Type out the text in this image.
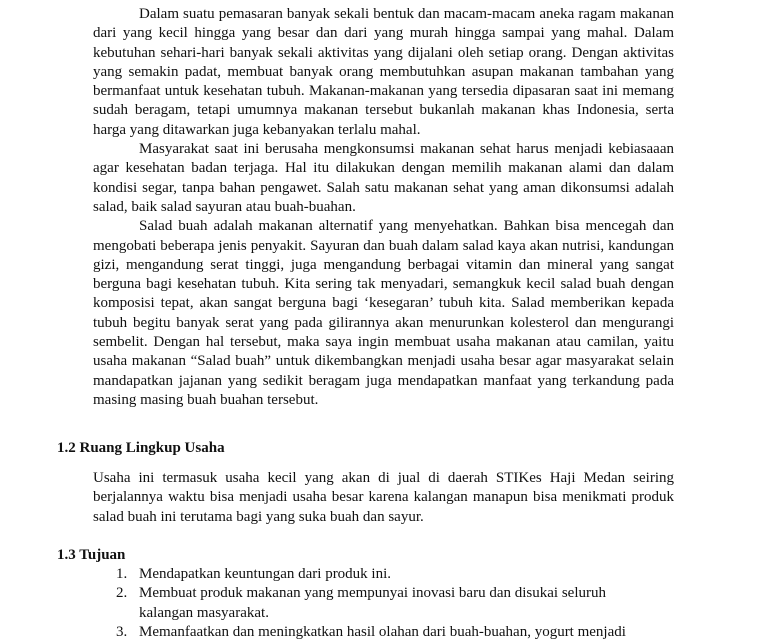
Dalam suatu pemasaran banyak sekali bentuk dan macam-macam aneka ragam makanan dari yang kecil hingga yang besar dan dari yang murah hingga sampai yang mahal. Dalam kebutuhan sehari-hari banyak sekali aktivitas yang dijalani oleh setiap orang. Dengan aktivitas yang semakin padat, membuat banyak orang membutuhkan asupan makanan tambahan yang bermanfaat untuk kesehatan tubuh. Makanan-makanan yang tersedia dipasaran saat ini memang sudah beragam, tetapi umumnya makanan tersebut bukanlah makanan khas Indonesia, serta harga yang ditawarkan juga kebanyakan terlalu mahal.

Masyarakat saat ini berusaha mengkonsumsi makanan sehat harus menjadi kebiasaaan agar kesehatan badan terjaga. Hal itu dilakukan dengan memilih makanan alami dan dalam kondisi segar, tanpa bahan pengawet. Salah satu makanan sehat yang aman dikonsumsi adalah salad, baik salad sayuran atau buah-buahan.

Salad buah adalah makanan alternatif yang menyehatkan. Bahkan bisa mencegah dan mengobati beberapa jenis penyakit. Sayuran dan buah dalam salad kaya akan nutrisi, kandungan gizi, mengandung serat tinggi, juga mengandung berbagai vitamin dan mineral yang sangat berguna bagi kesehatan tubuh. Kita sering tak menyadari, semangkuk kecil salad buah dengan komposisi tepat, akan sangat berguna bagi ‘kesegaran’ tubuh kita. Salad memberikan kepada tubuh begitu banyak serat yang pada gilirannya akan menurunkan kolesterol dan mengurangi sembelit. Dengan hal tersebut, maka saya ingin membuat usaha makanan atau camilan, yaitu usaha makanan “Salad buah” untuk dikembangkan menjadi usaha besar agar masyarakat selain mandapatkan jajanan yang sedikit beragam juga mendapatkan manfaat yang terkandung pada masing masing buah buahan tersebut.

1.2 Ruang Lingkup Usaha

Usaha ini termasuk usaha kecil yang akan di jual di daerah STIKes Haji Medan seiring berjalannya waktu bisa menjadi usaha besar karena kalangan manapun bisa menikmati produk salad buah ini terutama bagi yang suka buah dan sayur.

1.3 Tujuan
1. Mendapatkan keuntungan dari produk ini.
2. Membuat produk makanan yang mempunyai inovasi baru dan disukai seluruh kalangan masyarakat.
3. Memanfaatkan dan meningkatkan hasil olahan dari buah-buahan, yogurt menjadi
